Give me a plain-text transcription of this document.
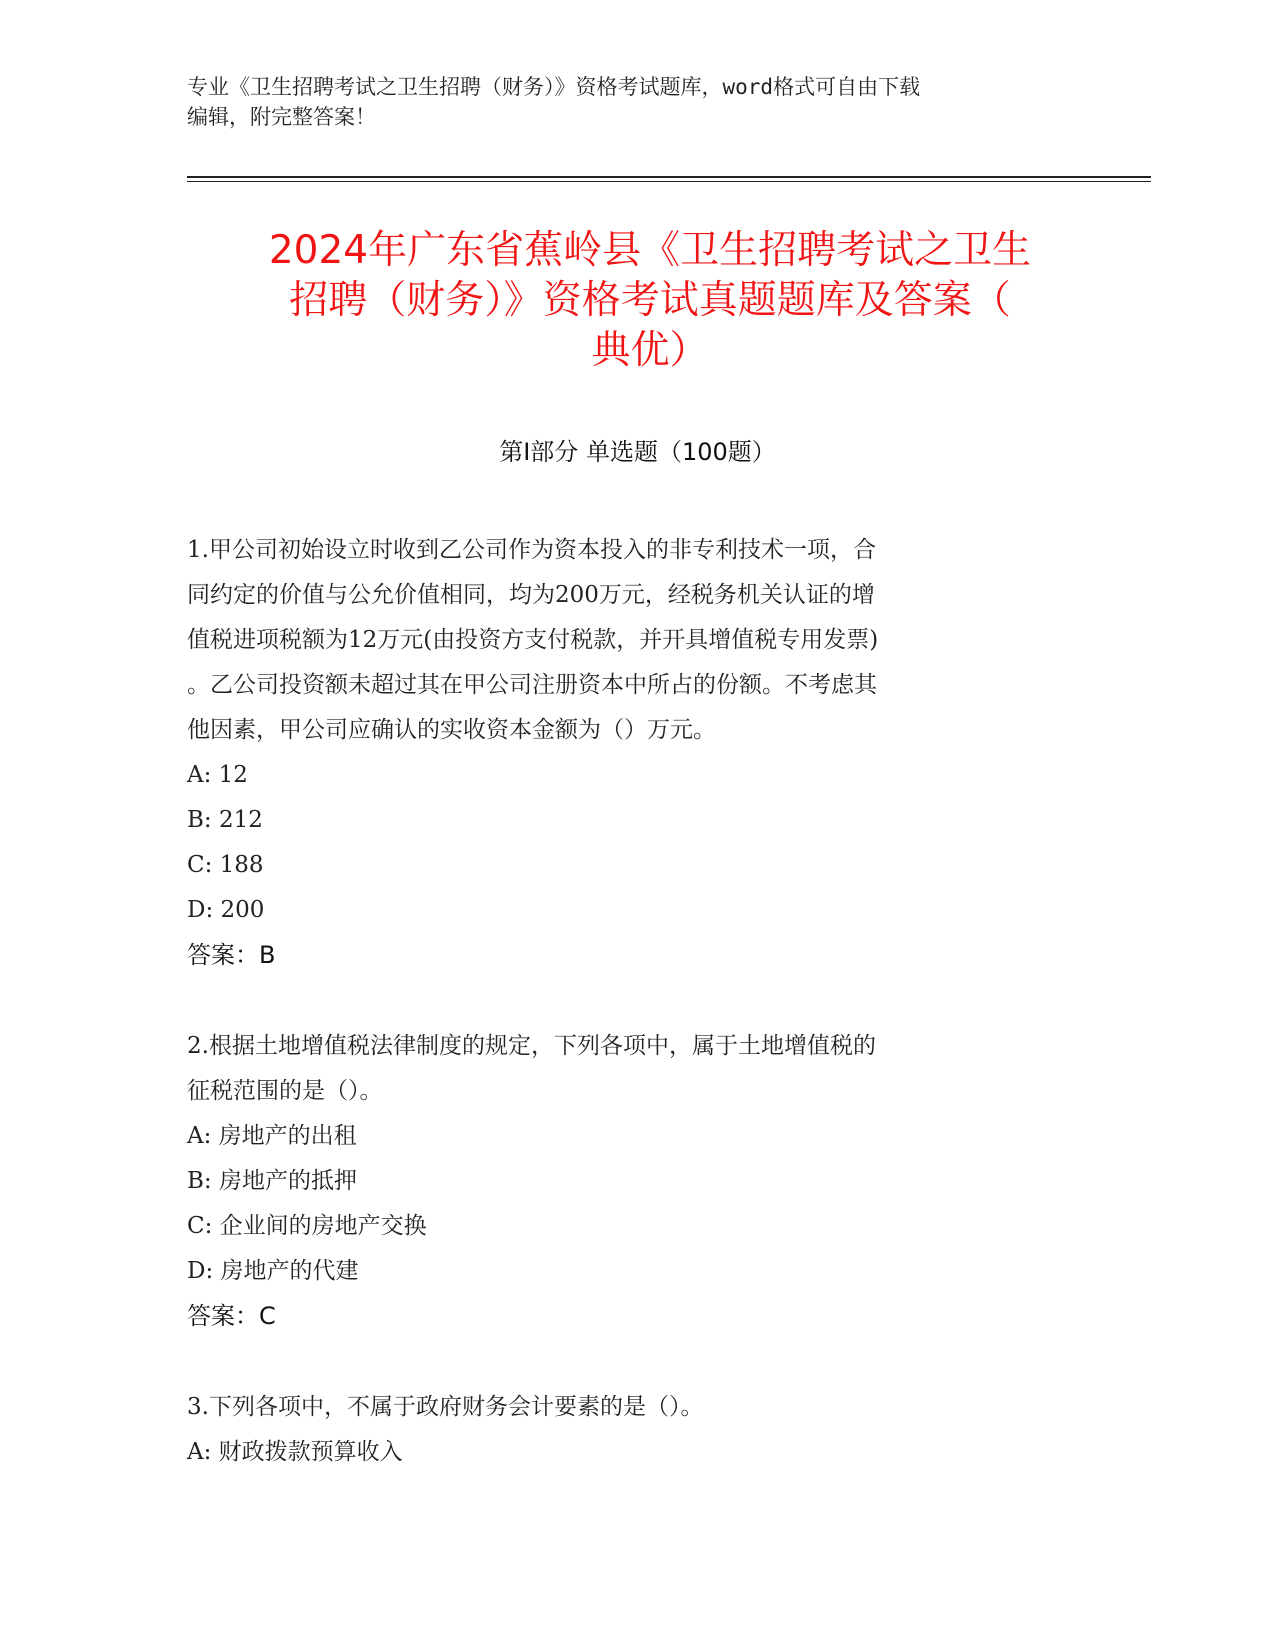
专业《卫生招聘考试之卫生招聘（财务）》资格考试题库，word格式可自由下载
编辑，附完整答案！
2024年广东省蕉岭县《卫生招聘考试之卫生
招聘（财务）》资格考试真题题库及答案（
典优）
第Ⅰ部分 单选题（100题）
1.甲公司初始设立时收到乙公司作为资本投入的非专利技术一项，合
同约定的价值与公允价值相同，均为200万元，经税务机关认证的增
值税进项税额为12万元(由投资方支付税款，并开具增值税专用发票)
。乙公司投资额未超过其在甲公司注册资本中所占的份额。不考虑其
他因素，甲公司应确认的实收资本金额为（）万元。
A: 12
B: 212
C: 188
D: 200
答案：B
2.根据土地增值税法律制度的规定，下列各项中，属于土地增值税的
征税范围的是（）。
A: 房地产的出租
B: 房地产的抵押
C: 企业间的房地产交换
D: 房地产的代建
答案：C
3.下列各项中，不属于政府财务会计要素的是（）。
A: 财政拨款预算收入
